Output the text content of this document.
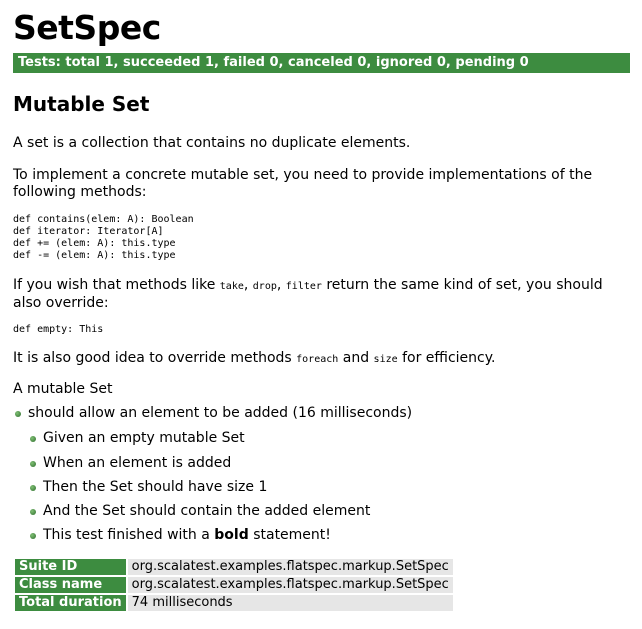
SetSpec
Tests: total 1, succeeded 1, failed 0, canceled 0, ignored 0, pending 0
Mutable Set

A set is a collection that contains no duplicate elements.

To implement a concrete mutable set, you need to provide implementations of the following methods:

def contains(elem: A): Boolean
def iterator: Iterator[A]
def += (elem: A): this.type
def -= (elem: A): this.type

If you wish that methods like take, drop, filter return the same kind of set, you should also override:

def empty: This

It is also good idea to override methods foreach and size for efficiency.

A mutable Set
should allow an element to be added (16 milliseconds)
Given an empty mutable Set
When an element is added
Then the Set should have size 1
And the Set should contain the added element
This test finished with a bold statement!
Suite ID	org.scalatest.examples.flatspec.markup.SetSpec
Class name	org.scalatest.examples.flatspec.markup.SetSpec
Total duration	74 milliseconds
